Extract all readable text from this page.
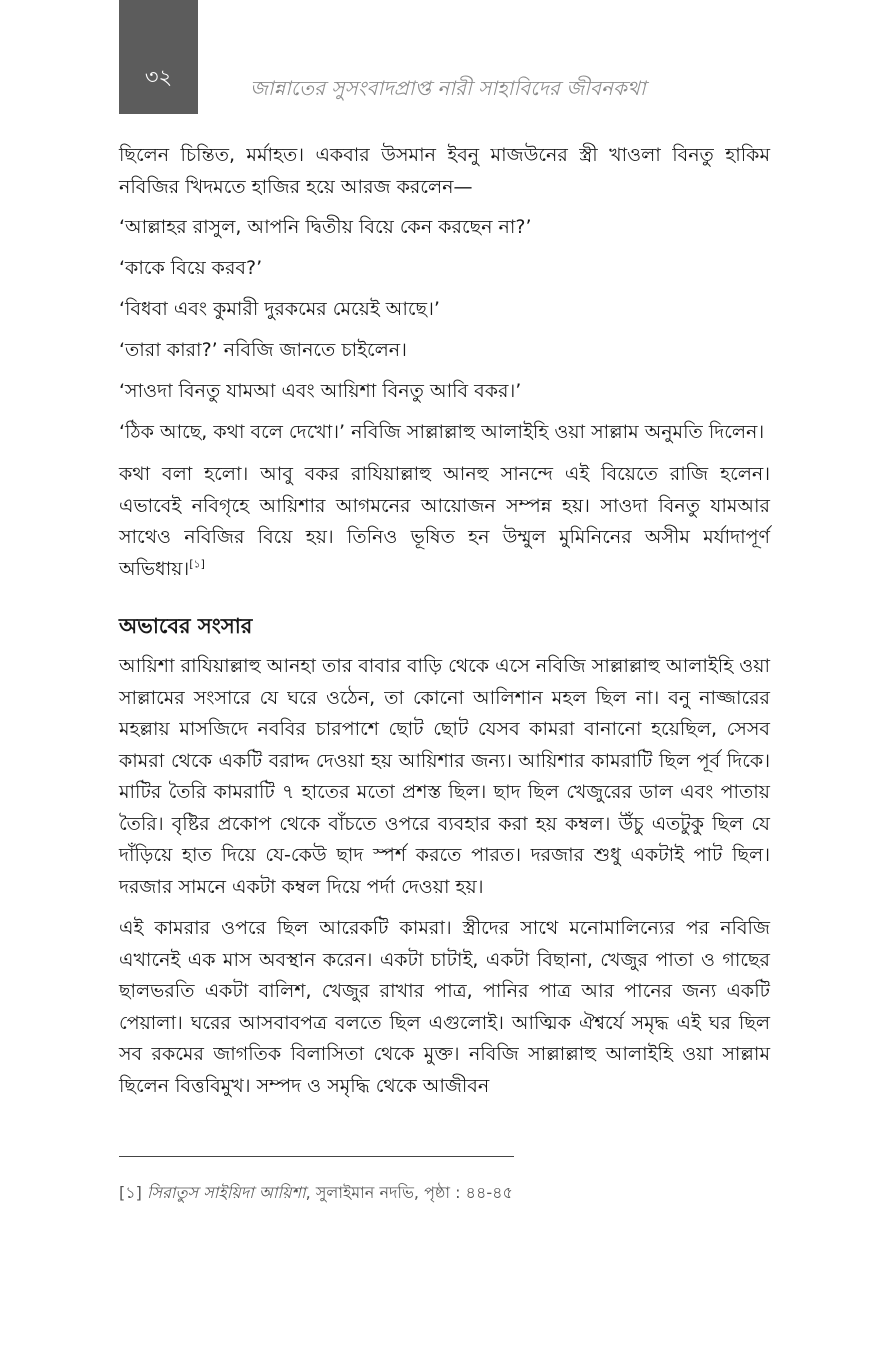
৩২	জান্নাতের সুসংবাদপ্রাপ্ত নারী সাহাবিদের জীবনকথা

ছিলেন চিন্তিত, মর্মাহত। একবার উসমান ইবনু মাজউনের স্ত্রী খাওলা বিনতু হাকিম নবিজির খিদমতে হাজির হয়ে আরজ করলেন—

‘আল্লাহর রাসুল, আপনি দ্বিতীয় বিয়ে কেন করছেন না?’

‘কাকে বিয়ে করব?’

‘বিধবা এবং কুমারী দুরকমের মেয়েই আছে।’

‘তারা কারা?’ নবিজি জানতে চাইলেন।

‘সাওদা বিনতু যামআ এবং আয়িশা বিনতু আবি বকর।’

‘ঠিক আছে, কথা বলে দেখো।’ নবিজি সাল্লাল্লাহু আলাইহি ওয়া সাল্লাম অনুমতি দিলেন।

কথা বলা হলো। আবু বকর রাযিয়াল্লাহু আনহু সানন্দে এই বিয়েতে রাজি হলেন। এভাবেই নবিগৃহে আয়িশার আগমনের আয়োজন সম্পন্ন হয়। সাওদা বিনতু যামআর সাথেও নবিজির বিয়ে হয়। তিনিও ভূষিত হন উম্মুল মুমিনিনের অসীম মর্যাদাপূর্ণ অভিধায়।[১]

অভাবের সংসার

আয়িশা রাযিয়াল্লাহু আনহা তার বাবার বাড়ি থেকে এসে নবিজি সাল্লাল্লাহু আলাইহি ওয়া সাল্লামের সংসারে যে ঘরে ওঠেন, তা কোনো আলিশান মহল ছিল না। বনু নাজ্জারের মহল্লায় মাসজিদে নববির চারপাশে ছোট ছোট যেসব কামরা বানানো হয়েছিল, সেসব কামরা থেকে একটি বরাদ্দ দেওয়া হয় আয়িশার জন্য। আয়িশার কামরাটি ছিল পূর্ব দিকে। মাটির তৈরি কামরাটি ৭ হাতের মতো প্রশস্ত ছিল। ছাদ ছিল খেজুরের ডাল এবং পাতায় তৈরি। বৃষ্টির প্রকোপ থেকে বাঁচতে ওপরে ব্যবহার করা হয় কম্বল। উঁচু এতটুকু ছিল যে দাঁড়িয়ে হাত দিয়ে যে-কেউ ছাদ স্পর্শ করতে পারত। দরজার শুধু একটাই পাট ছিল। দরজার সামনে একটা কম্বল দিয়ে পর্দা দেওয়া হয়।

এই কামরার ওপরে ছিল আরেকটি কামরা। স্ত্রীদের সাথে মনোমালিন্যের পর নবিজি এখানেই এক মাস অবস্থান করেন। একটা চাটাই, একটা বিছানা, খেজুর পাতা ও গাছের ছালভরতি একটা বালিশ, খেজুর রাখার পাত্র, পানির পাত্র আর পানের জন্য একটি পেয়ালা। ঘরের আসবাবপত্র বলতে ছিল এগুলোই। আত্মিক ঐশ্বর্যে সমৃদ্ধ এই ঘর ছিল সব রকমের জাগতিক বিলাসিতা থেকে মুক্ত। নবিজি সাল্লাল্লাহু আলাইহি ওয়া সাল্লাম ছিলেন বিত্তবিমুখ। সম্পদ ও সমৃদ্ধি থেকে আজীবন

[১] সিরাতুস সাইয়িদা আয়িশা, সুলাইমান নদভি, পৃষ্ঠা : ৪৪-৪৫
